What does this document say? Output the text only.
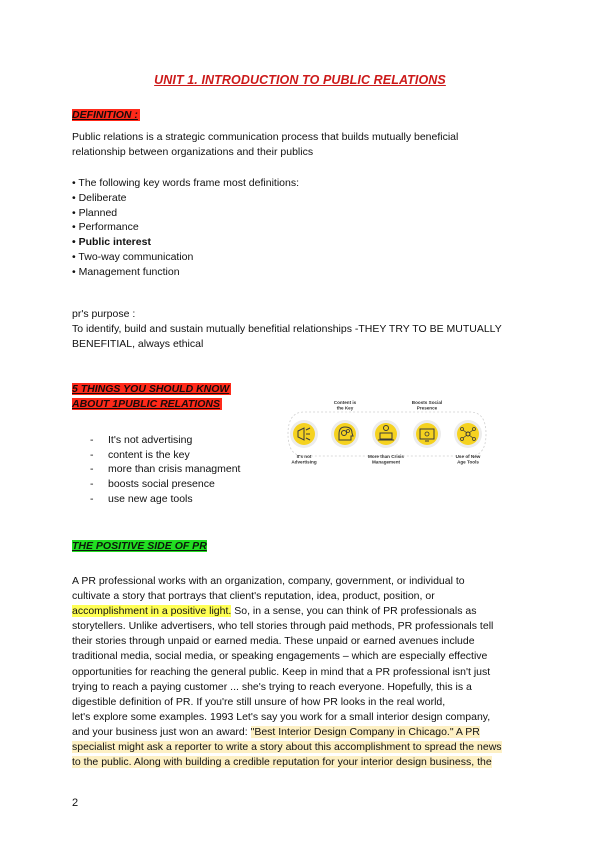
UNIT 1. INTRODUCTION TO PUBLIC RELATIONS
DEFINITION :
Public relations is a strategic communication process that builds mutually beneficial
relationship between organizations and their publics
• The following key words frame most definitions:
• Deliberate
• Planned
• Performance
• Public interest
• Two-way communication
• Management function
pr's purpose :
To identify, build and sustain mutually benefitial relationships -THEY TRY TO BE MUTUALLY
BENEFITIAL, always ethical
5 THINGS YOU SHOULD KNOW
ABOUT 1PUBLIC RELATIONS
-	It's not advertising
-	content is the key
-	more than crisis managment
-	boosts social presence
-	use new age tools
It's not
Advertising
Content is
the Key
More than Crisis
Management
Boosts Social
Presence
Use of New
Age Tools
THE POSITIVE SIDE OF PR
A PR professional works with an organization, company, government, or individual to
cultivate a story that portrays that client's reputation, idea, product, position, or
accomplishment in a positive light. So, in a sense, you can think of PR professionals as
storytellers. Unlike advertisers, who tell stories through paid methods, PR professionals tell
their stories through unpaid or earned media. These unpaid or earned avenues include
traditional media, social media, or speaking engagements – which are especially effective
opportunities for reaching the general public. Keep in mind that a PR professional isn't just
trying to reach a paying customer ... she's trying to reach everyone. Hopefully, this is a
digestible definition of PR. If you're still unsure of how PR looks in the real world,
let's explore some examples. 1993 Let's say you work for a small interior design company,
and your business just won an award: "Best Interior Design Company in Chicago." A PR
specialist might ask a reporter to write a story about this accomplishment to spread the news
to the public. Along with building a credible reputation for your interior design business, the
2
